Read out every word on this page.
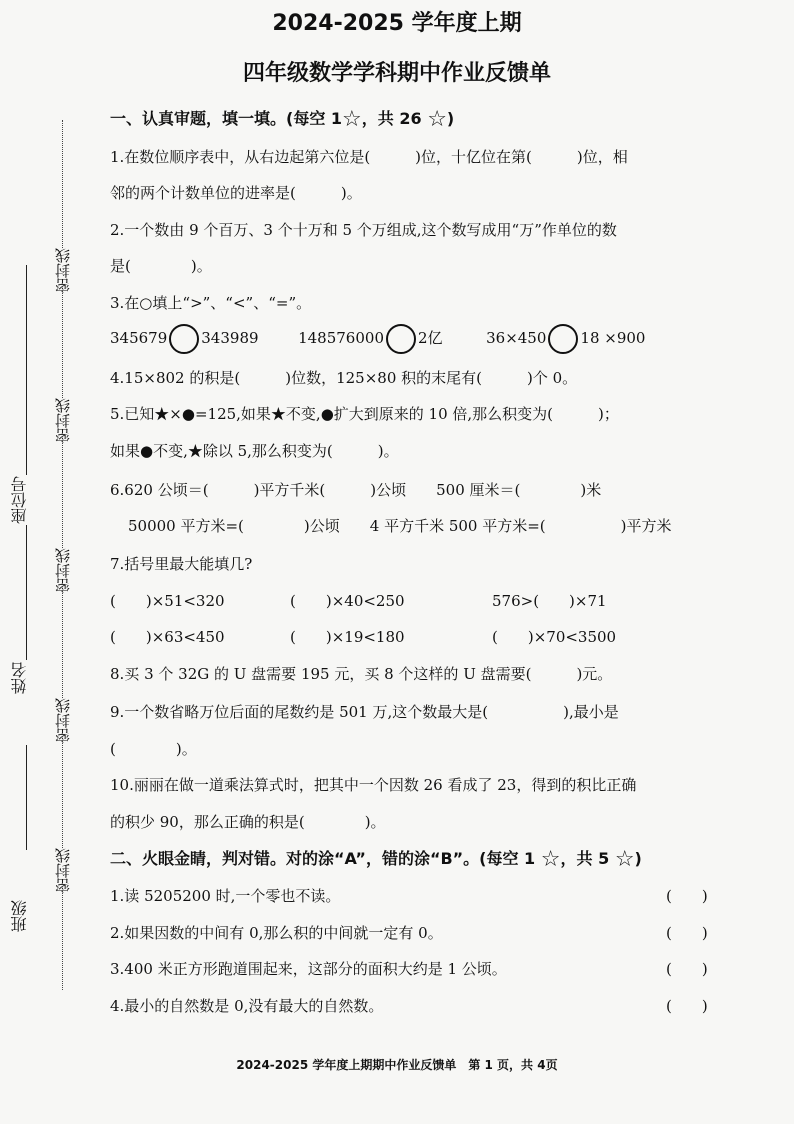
2024-2025 学年度上期
四年级数学学科期中作业反馈单
密封线
密封线
密封线
密封线
密封线
座位号
姓名
班级
一、认真审题，填一填。(每空 1☆，共 26 ☆)
1.在数位顺序表中，从右边起第六位是(　　　)位，十亿位在第(　　　)位，相
邻的两个计数单位的进率是(　　　)。
2.一个数由 9 个百万、3 个十万和 5 个万组成,这个数写成用“万”作单位的数
是(　　　　)。
3.在○填上“>”、“<”、“=”。
345679 343989	148576000 2亿	36×450 18 ×900
4.15×802 的积是(　　　)位数，125×80 积的末尾有(　　　)个 0。
5.已知★×●=125,如果★不变,●扩大到原来的 10 倍,那么积变为(　　　)；
如果●不变,★除以 5,那么积变为(　　　)。
6.620 公顷＝(　　　)平方千米(　　　)公顷　　500 厘米＝(　　　　)米
50000 平方米=(　　　　)公顷　　4 平方千米 500 平方米=(　　　　　)平方米
7.括号里最大能填几?
(　　)×51<320	(　　)×40<250	576>(　　)×71
(　　)×63<450	(　　)×19<180	(　　)×70<3500
8.买 3 个 32G 的 U 盘需要 195 元，买 8 个这样的 U 盘需要(　　　)元。
9.一个数省略万位后面的尾数约是 501 万,这个数最大是(　　　　　),最小是
(　　　　)。
10.丽丽在做一道乘法算式时，把其中一个因数 26 看成了 23，得到的积比正确
的积少 90，那么正确的积是(　　　　)。
二、火眼金睛，判对错。对的涂“A”，错的涂“B”。(每空 1 ☆，共 5 ☆)
1.读 5205200 时,一个零也不读。	(　　)
2.如果因数的中间有 0,那么积的中间就一定有 0。	(　　)
3.400 米正方形跑道围起来，这部分的面积大约是 1 公顷。	(　　)
4.最小的自然数是 0,没有最大的自然数。	(　　)
2024-2025 学年度上期期中作业反馈单　第 1 页，共 4页
